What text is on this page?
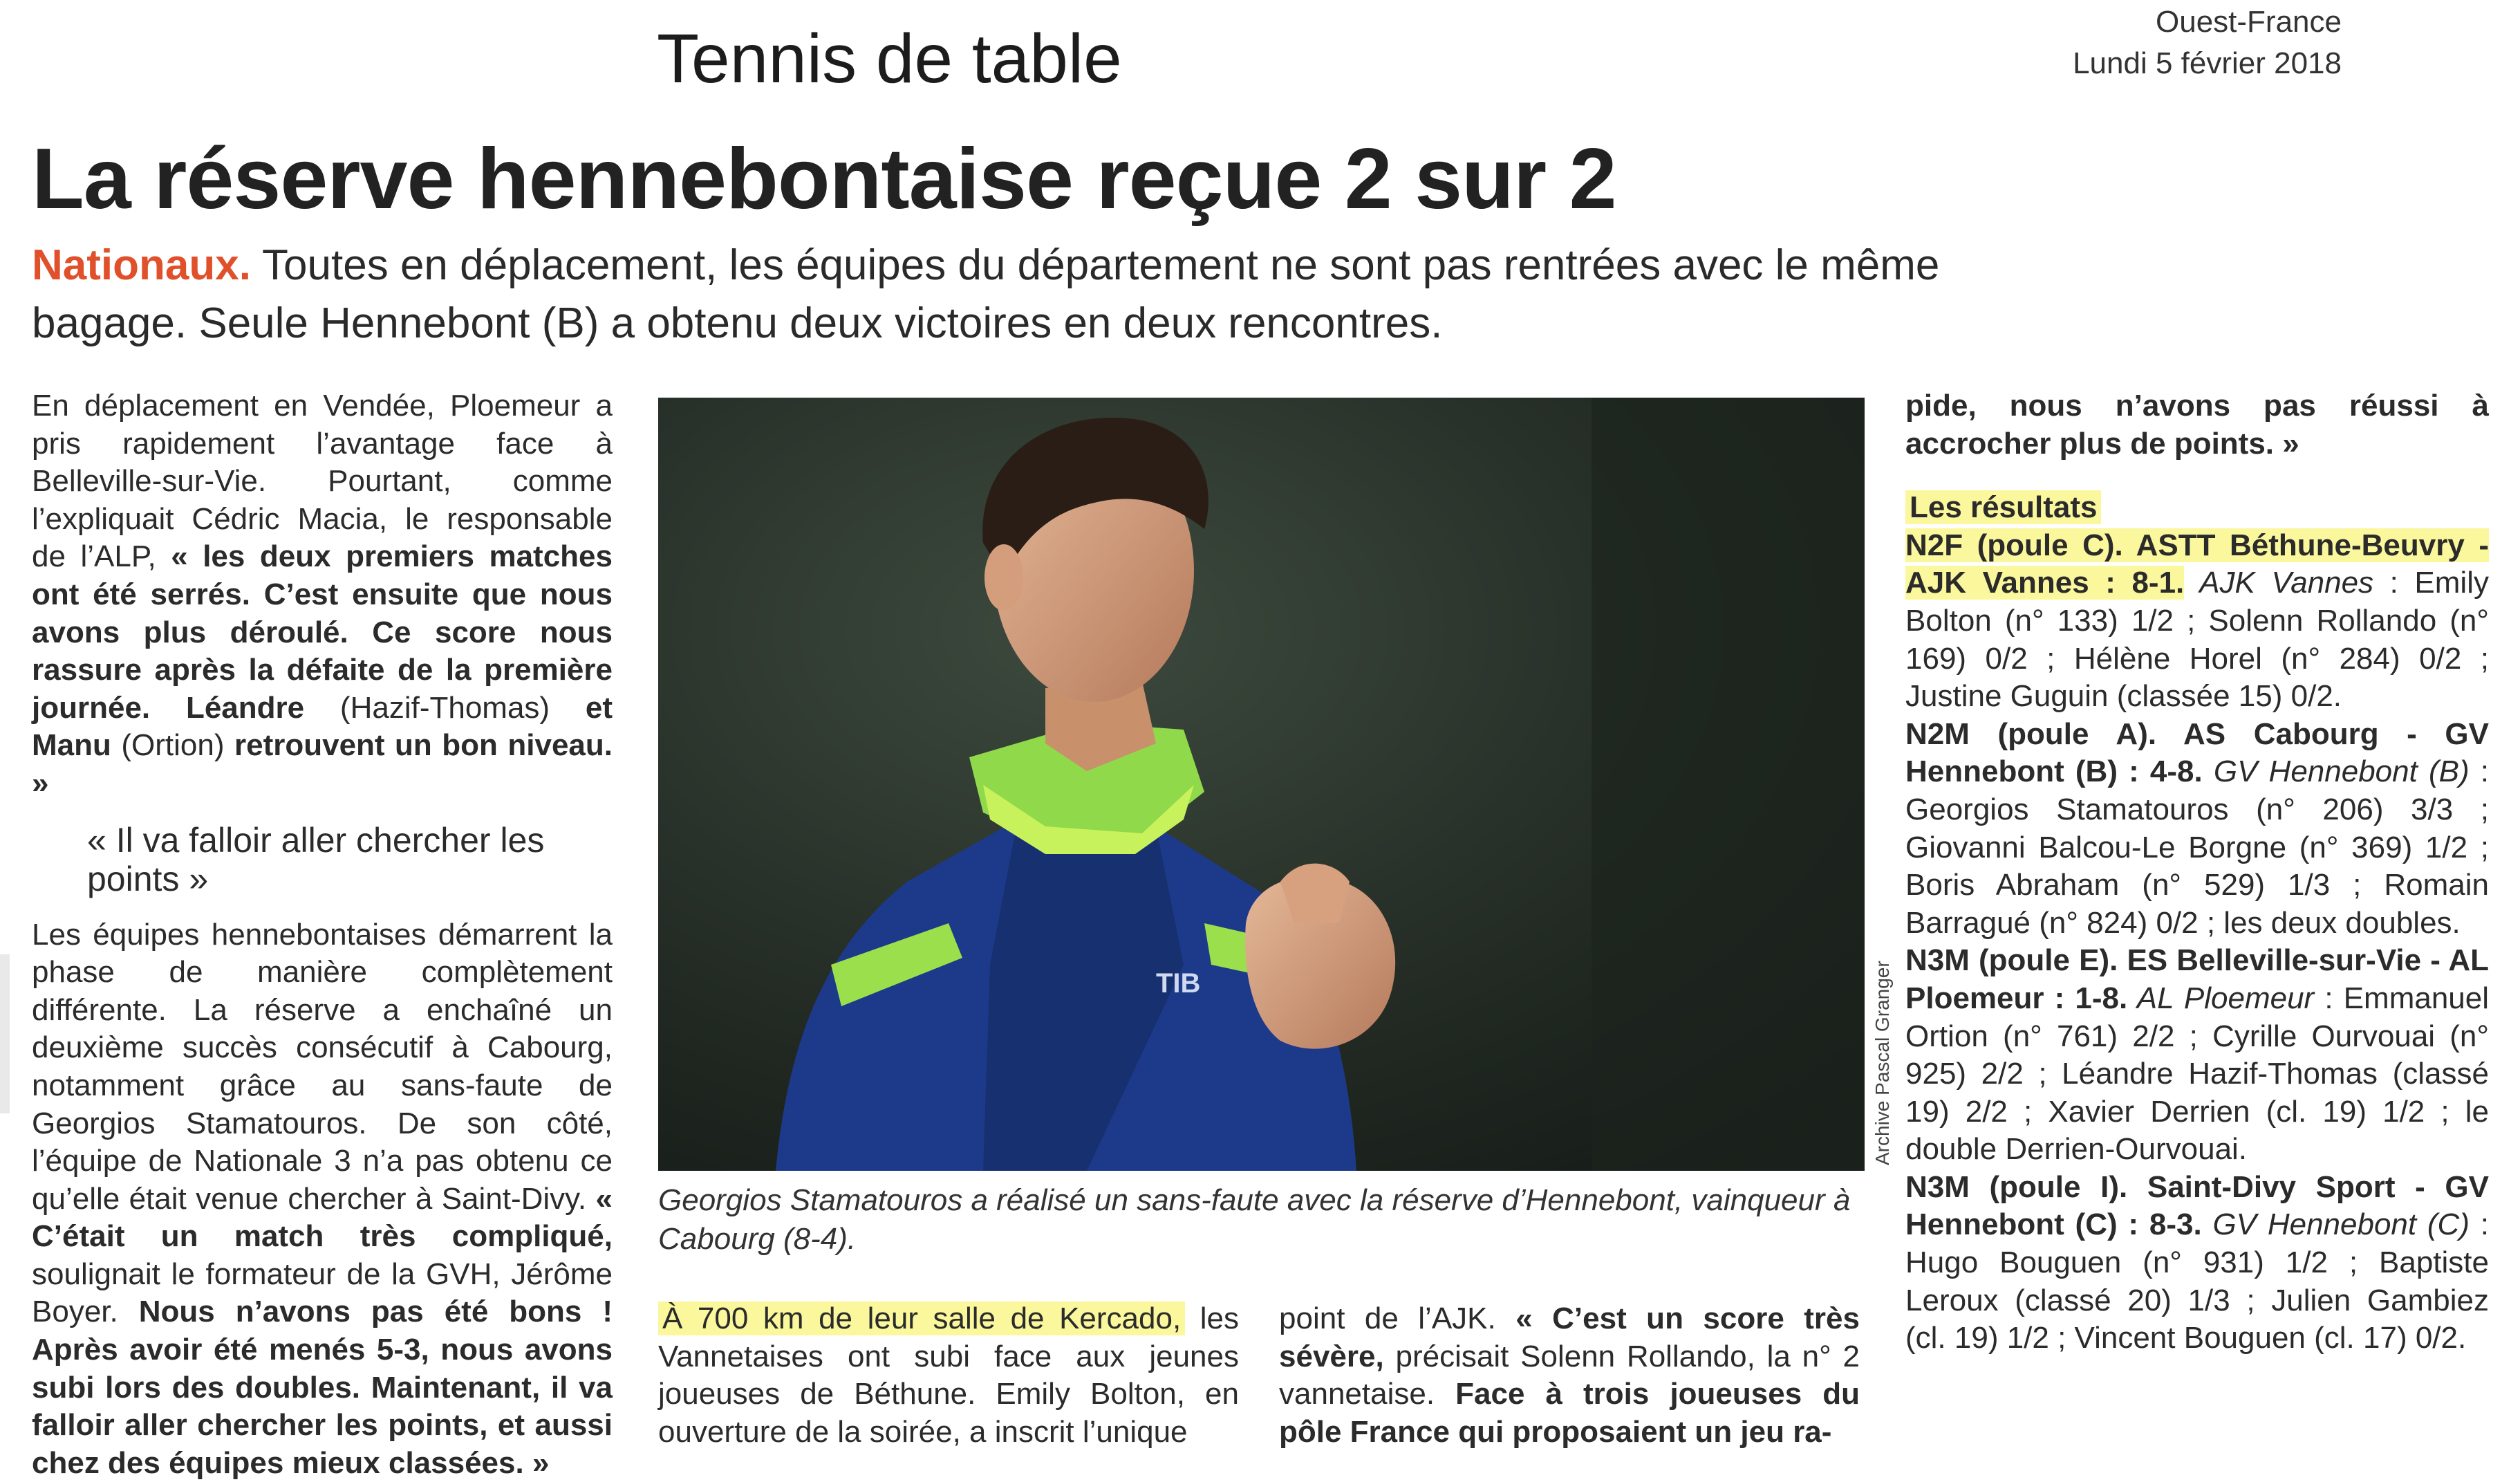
Tennis de table	Ouest-France
Lundi 5 février 2018
La réserve hennebontaise reçue 2 sur 2
Nationaux. Toutes en déplacement, les équipes du département ne sont pas rentrées avec le même bagage. Seule Hennebont (B) a obtenu deux victoires en deux rencontres.

En déplacement en Vendée, Ploemeur a pris rapidement l’avantage face à Belleville-sur-Vie. Pourtant, comme l’expliquait Cédric Macia, le responsable de l’ALP, « les deux premiers matches ont été serrés. C’est ensuite que nous avons plus déroulé. Ce score nous rassure après la défaite de la première journée. Léandre (Hazif-Thomas) et Manu (Ortion) retrouvent un bon niveau. »

« Il va falloir aller chercher les points »

Les équipes hennebontaises démarrent la phase de manière complètement différente. La réserve a enchaîné un deuxième succès consécutif à Cabourg, notamment grâce au sans-faute de Georgios Stamatouros. De son côté, l’équipe de Nationale 3 n’a pas obtenu ce qu’elle était venue chercher à Saint-Divy. « C’était un match très compliqué, soulignait le formateur de la GVH, Jérôme Boyer. Nous n’avons pas été bons ! Après avoir été menés 5-3, nous avons subi lors des doubles. Maintenant, il va falloir aller chercher les points, et aussi chez des équipes mieux classées. »

TIB	Archive Pascal Granger
Georgios Stamatouros a réalisé un sans-faute avec la réserve d’Hennebont, vainqueur à Cabourg (8-4).

À 700 km de leur salle de Kercado, les Vannetaises ont subi face aux jeunes joueuses de Béthune. Emily Bolton, en ouverture de la soirée, a inscrit l’unique

point de l’AJK. « C’est un score très sévère, précisait Solenn Rollando, la n° 2 vannetaise. Face à trois joueuses du pôle France qui proposaient un jeu ra-

pide, nous n’avons pas réussi à accrocher plus de points. »

Les résultats
N2F (poule C). ASTT Béthune-Beuvry - AJK Vannes : 8-1. AJK Vannes : Emily Bolton (n° 133) 1/2 ; Solenn Rollando (n° 169) 0/2 ; Hélène Horel (n° 284) 0/2 ; Justine Guguin (classée 15) 0/2.
N2M (poule A). AS Cabourg - GV Hennebont (B) : 4-8. GV Hennebont (B) : Georgios Stamatouros (n° 206) 3/3 ; Giovanni Balcou-Le Borgne (n° 369) 1/2 ; Boris Abraham (n° 529) 1/3 ; Romain Barragué (n° 824) 0/2 ; les deux doubles.
N3M (poule E). ES Belleville-sur-Vie - AL Ploemeur : 1-8. AL Ploemeur : Emmanuel Ortion (n° 761) 2/2 ; Cyrille Ourvouai (n° 925) 2/2 ; Léandre Hazif-Thomas (classé 19) 2/2 ; Xavier Derrien (cl. 19) 1/2 ; le double Derrien-Ourvouai.
N3M (poule I). Saint-Divy Sport - GV Hennebont (C) : 8-3. GV Hennebont (C) : Hugo Bouguen (n° 931) 1/2 ; Baptiste Leroux (classé 20) 1/3 ; Julien Gambiez (cl. 19) 1/2 ; Vincent Bouguen (cl. 17) 0/2.
